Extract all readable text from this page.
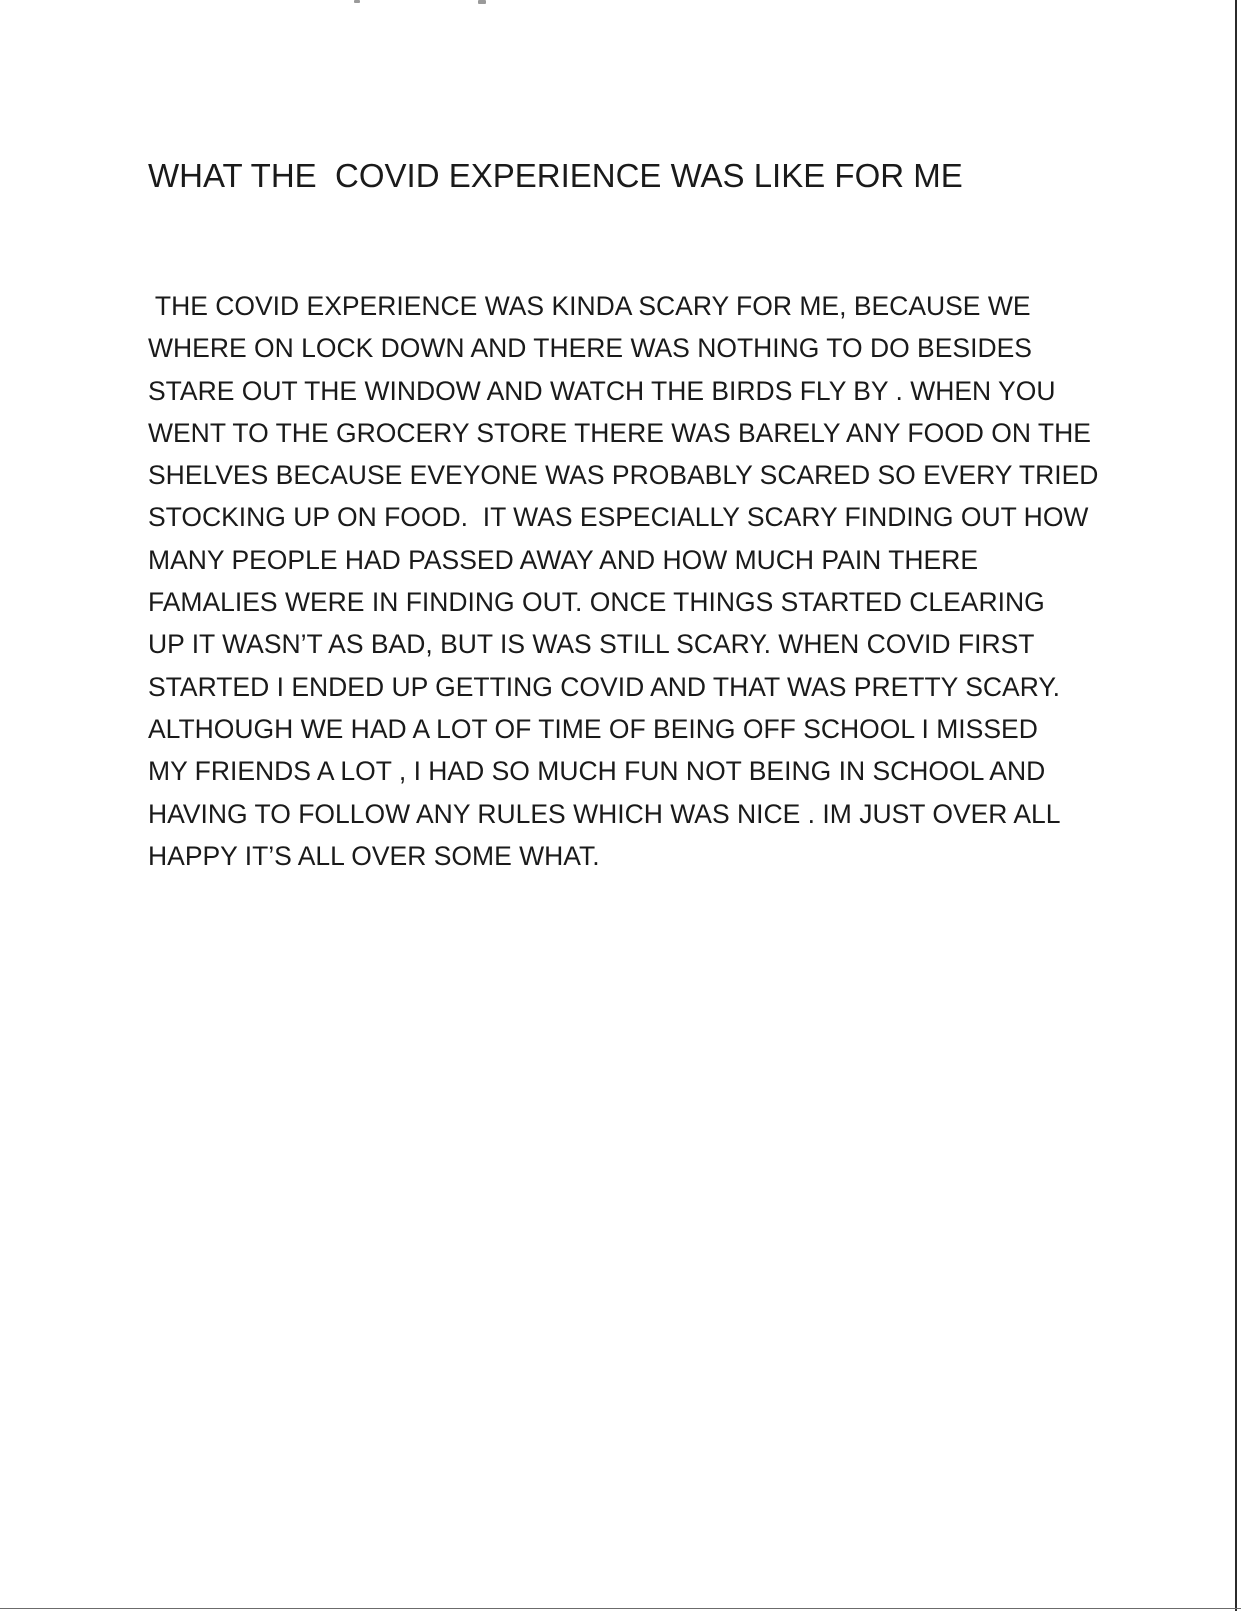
WHAT THE  COVID EXPERIENCE WAS LIKE FOR ME
THE COVID EXPERIENCE WAS KINDA SCARY FOR ME, BECAUSE WE
WHERE ON LOCK DOWN AND THERE WAS NOTHING TO DO BESIDES
STARE OUT THE WINDOW AND WATCH THE BIRDS FLY BY . WHEN YOU
WENT TO THE GROCERY STORE THERE WAS BARELY ANY FOOD ON THE
SHELVES BECAUSE EVEYONE WAS PROBABLY SCARED SO EVERY TRIED
STOCKING UP ON FOOD.  IT WAS ESPECIALLY SCARY FINDING OUT HOW
MANY PEOPLE HAD PASSED AWAY AND HOW MUCH PAIN THERE
FAMALIES WERE IN FINDING OUT. ONCE THINGS STARTED CLEARING
UP IT WASN’T AS BAD, BUT IS WAS STILL SCARY. WHEN COVID FIRST
STARTED I ENDED UP GETTING COVID AND THAT WAS PRETTY SCARY.
ALTHOUGH WE HAD A LOT OF TIME OF BEING OFF SCHOOL I MISSED
MY FRIENDS A LOT , I HAD SO MUCH FUN NOT BEING IN SCHOOL AND
HAVING TO FOLLOW ANY RULES WHICH WAS NICE . IM JUST OVER ALL
HAPPY IT’S ALL OVER SOME WHAT.
